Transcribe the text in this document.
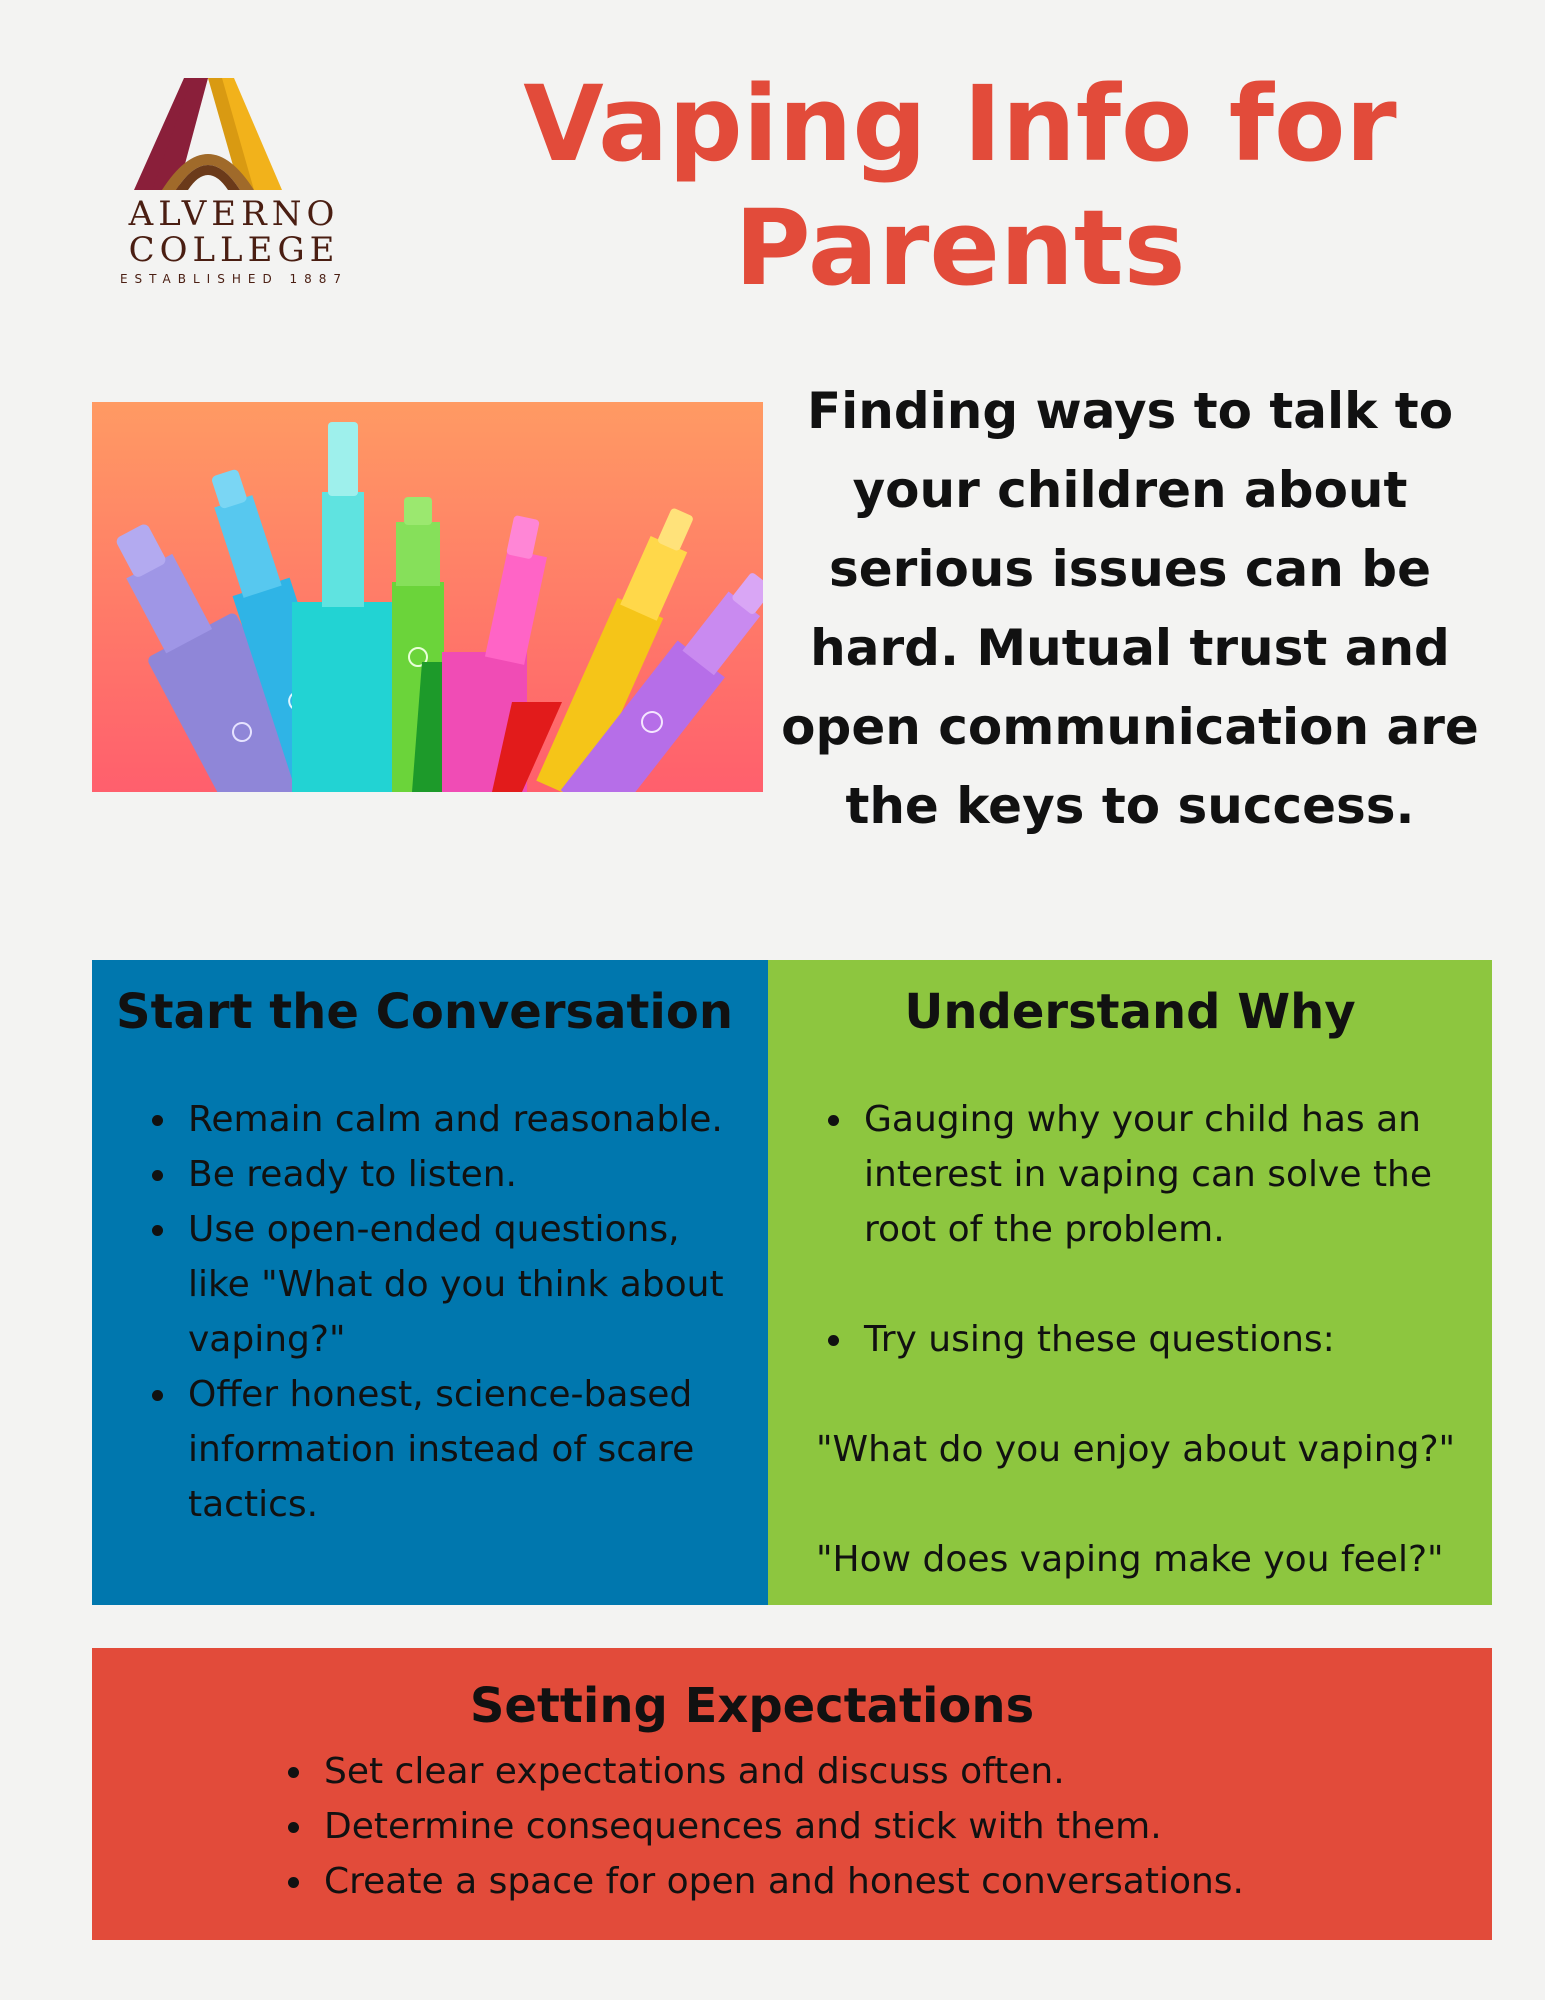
ALVERNO
COLLEGE
ESTABLISHED 1887
Vaping Info for
Parents
Finding ways to talk to
your children about
serious issues can be
hard. Mutual trust and
open communication are
the keys to success.
Start the Conversation
• Remain calm and reasonable.
• Be ready to listen.
• Use open-ended questions, like "What do you think about vaping?"
• Offer honest, science-based information instead of scare tactics.
Understand Why
• Gauging why your child has an interest in vaping can solve the root of the problem.
• Try using these questions:
"What do you enjoy about vaping?"
"How does vaping make you feel?"
Setting Expectations
• Set clear expectations and discuss often.
• Determine consequences and stick with them.
• Create a space for open and honest conversations.
